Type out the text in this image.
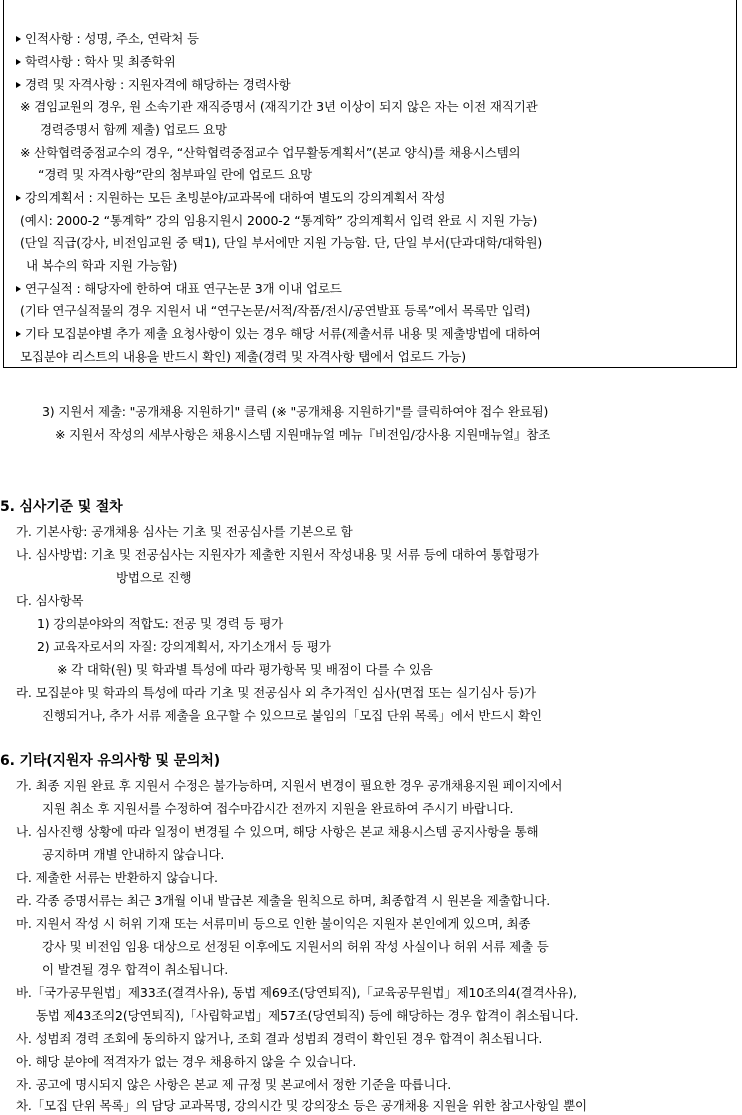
인적사항 : 성명, 주소, 연락처 등
학력사항 : 학사 및 최종학위
경력 및 자격사항 : 지원자격에 해당하는 경력사항
※ 겸임교원의 경우, 원 소속기관 재직증명서 (재직기간 3년 이상이 되지 않은 자는 이전 재직기관
경력증명서 함께 제출) 업로드 요망
※ 산학협력중점교수의 경우, “산학협력중점교수 업무활동계획서”(본교 양식)를 채용시스템의
“경력 및 자격사항”란의 첨부파일 란에 업로드 요망
강의계획서 : 지원하는 모든 초빙분야/교과목에 대하여 별도의 강의계획서 작성
(예시: 2000-2 “통계학” 강의 임용지원시 2000-2 “통계학” 강의계획서 입력 완료 시 지원 가능)
(단일 직급(강사, 비전임교원 중 택1), 단일 부서에만 지원 가능함. 단, 단일 부서(단과대학/대학원)
내 복수의 학과 지원 가능함)
연구실적 : 해당자에 한하여 대표 연구논문 3개 이내 업로드
(기타 연구실적물의 경우 지원서 내 “연구논문/서적/작품/전시/공연발표 등록”에서 목록만 입력)
기타 모집분야별 추가 제출 요청사항이 있는 경우 해당 서류(제출서류 내용 및 제출방법에 대하여
모집분야 리스트의 내용을 반드시 확인) 제출(경력 및 자격사항 탭에서 업로드 가능)
3) 지원서 제출: "공개채용 지원하기" 클릭 (※ "공개채용 지원하기"를 클릭하여야 접수 완료됨)
※ 지원서 작성의 세부사항은 채용시스템 지원매뉴얼 메뉴『비전임/강사용 지원매뉴얼』참조
5. 심사기준 및 절차
가. 기본사항: 공개채용 심사는 기초 및 전공심사를 기본으로 함
나. 심사방법: 기초 및 전공심사는 지원자가 제출한 지원서 작성내용 및 서류 등에 대하여 통합평가
방법으로 진행
다. 심사항목
1) 강의분야와의 적합도: 전공 및 경력 등 평가
2) 교육자로서의 자질: 강의계획서, 자기소개서 등 평가
※ 각 대학(원) 및 학과별 특성에 따라 평가항목 및 배점이 다를 수 있음
라. 모집분야 및 학과의 특성에 따라 기초 및 전공심사 외 추가적인 심사(면접 또는 실기심사 등)가
진행되거나, 추가 서류 제출을 요구할 수 있으므로 붙임의「모집 단위 목록」에서 반드시 확인
6. 기타(지원자 유의사항 및 문의처)
가. 최종 지원 완료 후 지원서 수정은 불가능하며, 지원서 변경이 필요한 경우 공개채용지원 페이지에서
지원 취소 후 지원서를 수정하여 접수마감시간 전까지 지원을 완료하여 주시기 바랍니다.
나. 심사진행 상황에 따라 일정이 변경될 수 있으며, 해당 사항은 본교 채용시스템 공지사항을 통해
공지하며 개별 안내하지 않습니다.
다. 제출한 서류는 반환하지 않습니다.
라. 각종 증명서류는 최근 3개월 이내 발급본 제출을 원칙으로 하며, 최종합격 시 원본을 제출합니다.
마. 지원서 작성 시 허위 기재 또는 서류미비 등으로 인한 불이익은 지원자 본인에게 있으며, 최종
강사 및 비전임 임용 대상으로 선정된 이후에도 지원서의 허위 작성 사실이나 허위 서류 제출 등
이 발견될 경우 합격이 취소됩니다.
바.「국가공무원법」제33조(결격사유), 동법 제69조(당연퇴직),「교육공무원법」제10조의4(결격사유),
동법 제43조의2(당연퇴직),「사립학교법」제57조(당연퇴직) 등에 해당하는 경우 합격이 취소됩니다.
사. 성범죄 경력 조회에 동의하지 않거나, 조회 결과 성범죄 경력이 확인된 경우 합격이 취소됩니다.
아. 해당 분야에 적격자가 없는 경우 채용하지 않을 수 있습니다.
자. 공고에 명시되지 않은 사항은 본교 제 규정 및 본교에서 정한 기준을 따릅니다.
차.「모집 단위 목록」의 담당 교과목명, 강의시간 및 강의장소 등은 공개채용 지원을 위한 참고사항일 뿐이
